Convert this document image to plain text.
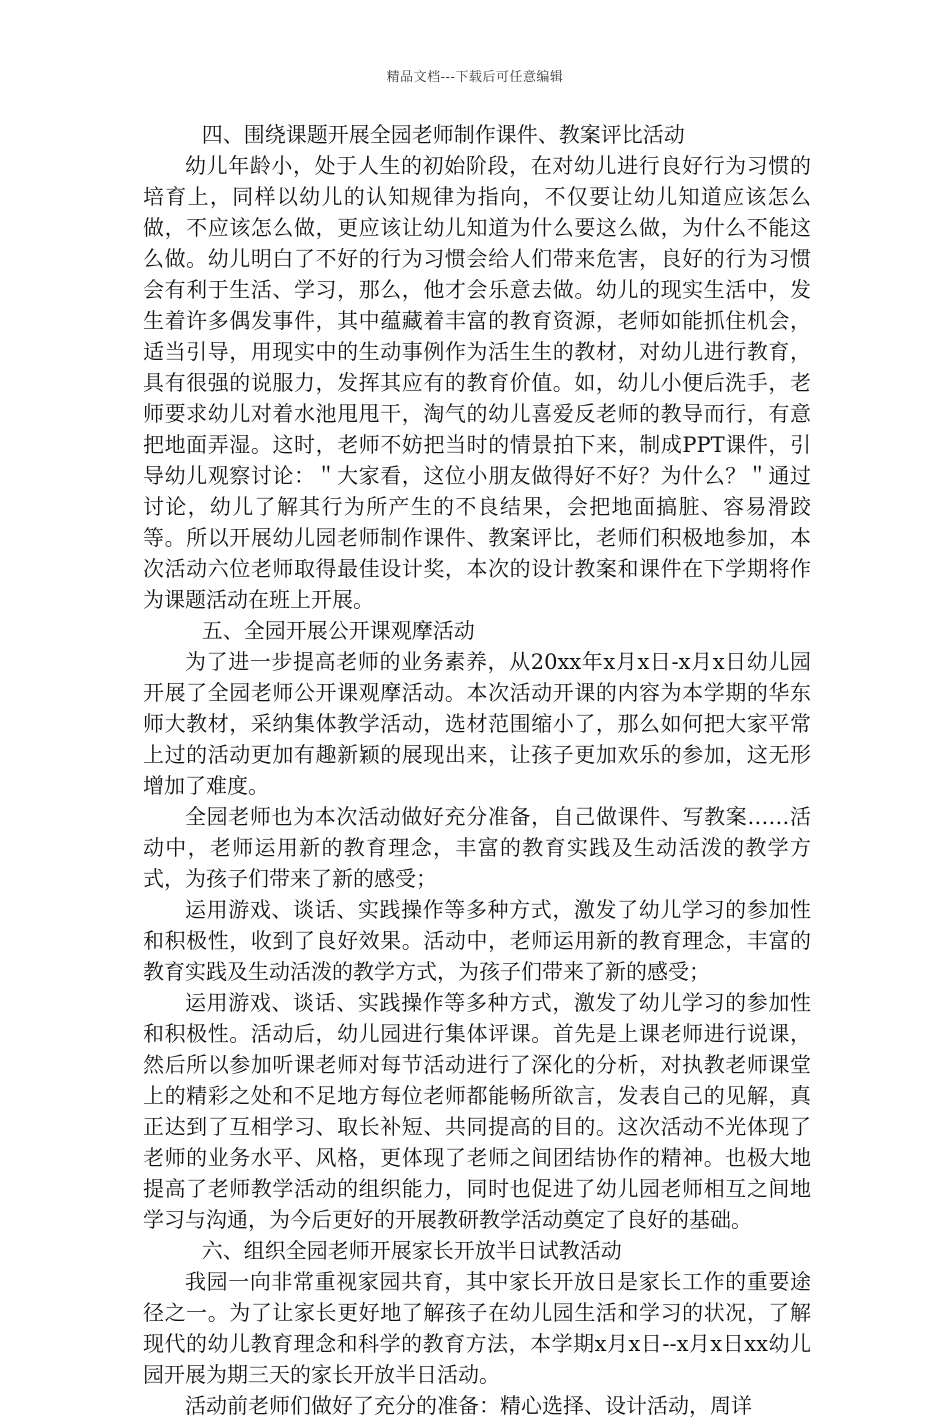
精品文档---下载后可任意编辑

四、围绕课题开展全园老师制作课件、教案评比活动

幼儿年龄小，处于人生的初始阶段，在对幼儿进行良好行为习惯的培育上，同样以幼儿的认知规律为指向，不仅要让幼儿知道应该怎么做，不应该怎么做，更应该让幼儿知道为什么要这么做，为什么不能这么做。幼儿明白了不好的行为习惯会给人们带来危害，良好的行为习惯会有利于生活、学习，那么，他才会乐意去做。幼儿的现实生活中，发生着许多偶发事件，其中蕴藏着丰富的教育资源，老师如能抓住机会，适当引导，用现实中的生动事例作为活生生的教材，对幼儿进行教育，具有很强的说服力，发挥其应有的教育价值。如，幼儿小便后洗手，老师要求幼儿对着水池甩甩干，淘气的幼儿喜爱反老师的教导而行，有意把地面弄湿。这时，老师不妨把当时的情景拍下来，制成PPT课件，引导幼儿观察讨论：＂大家看，这位小朋友做得好不好？为什么？＂通过讨论，幼儿了解其行为所产生的不良结果，会把地面搞脏、容易滑跤等。所以开展幼儿园老师制作课件、教案评比，老师们积极地参加，本次活动六位老师取得最佳设计奖，本次的设计教案和课件在下学期将作为课题活动在班上开展。

五、全园开展公开课观摩活动

为了进一步提高老师的业务素养，从20xx年x月x日-x月x日幼儿园开展了全园老师公开课观摩活动。本次活动开课的内容为本学期的华东师大教材，采纳集体教学活动，选材范围缩小了，那么如何把大家平常上过的活动更加有趣新颖的展现出来，让孩子更加欢乐的参加，这无形增加了难度。

全园老师也为本次活动做好充分准备，自己做课件、写教案……活动中，老师运用新的教育理念，丰富的教育实践及生动活泼的教学方式，为孩子们带来了新的感受；

运用游戏、谈话、实践操作等多种方式，激发了幼儿学习的参加性和积极性，收到了良好效果。活动中，老师运用新的教育理念，丰富的教育实践及生动活泼的教学方式，为孩子们带来了新的感受；

运用游戏、谈话、实践操作等多种方式，激发了幼儿学习的参加性和积极性。活动后，幼儿园进行集体评课。首先是上课老师进行说课，然后所以参加听课老师对每节活动进行了深化的分析，对执教老师课堂上的精彩之处和不足地方每位老师都能畅所欲言，发表自己的见解，真正达到了互相学习、取长补短、共同提高的目的。这次活动不光体现了老师的业务水平、风格，更体现了老师之间团结协作的精神。也极大地提高了老师教学活动的组织能力，同时也促进了幼儿园老师相互之间地学习与沟通，为今后更好的开展教研教学活动奠定了良好的基础。

六、组织全园老师开展家长开放半日试教活动

我园一向非常重视家园共育，其中家长开放日是家长工作的重要途径之一。为了让家长更好地了解孩子在幼儿园生活和学习的状况，了解现代的幼儿教育理念和科学的教育方法，本学期x月x日--x月x日xx幼儿园开展为期三天的家长开放半日活动。

活动前老师们做好了充分的准备：精心选择、设计活动，周详
